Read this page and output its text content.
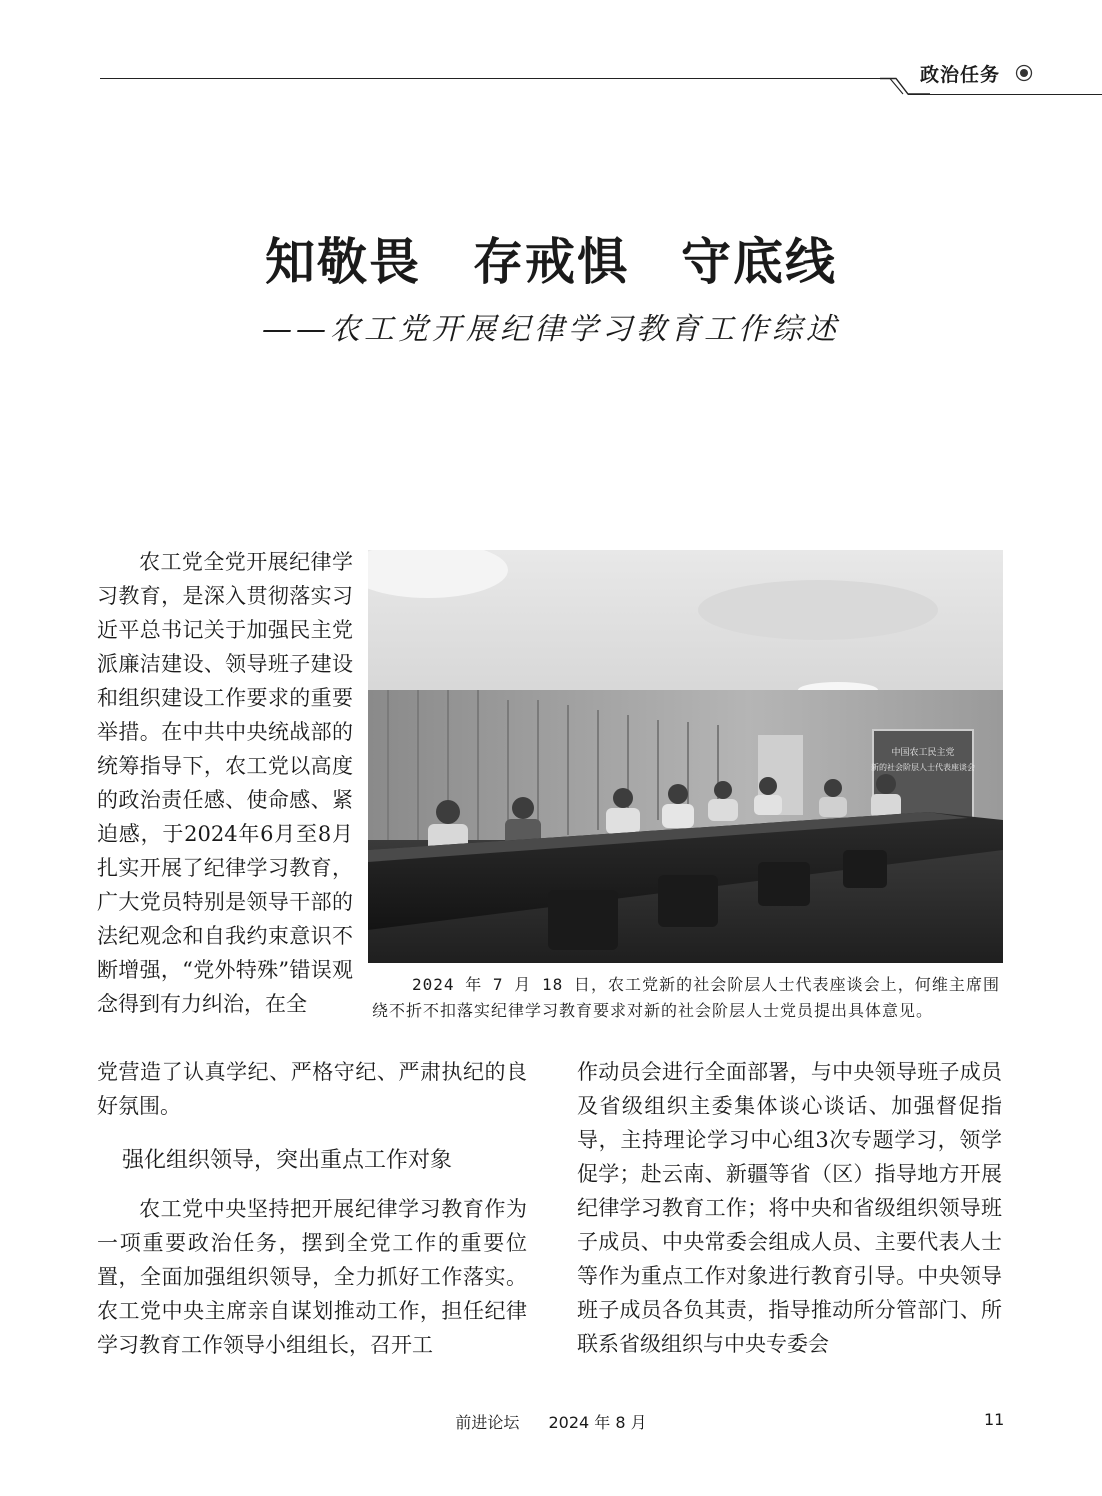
政治任务
知敬畏　存戒惧　守底线
——农工党开展纪律学习教育工作综述

农工党全党开展纪律学习教育，是深入贯彻落实习近平总书记关于加强民主党派廉洁建设、领导班子建设和组织建设工作要求的重要举措。在中共中央统战部的统筹指导下，农工党以高度的政治责任感、使命感、紧迫感，于2024年6月至8月扎实开展了纪律学习教育，广大党员特别是领导干部的法纪观念和自我约束意识不断增强，“党外特殊”错误观念得到有力纠治，在全

中国农工民主党
新的社会阶层人士代表座谈会
2024 年 7 月 18 日，农工党新的社会阶层人士代表座谈会上，何维主席围绕不折不扣落实纪律学习教育要求对新的社会阶层人士党员提出具体意见。

党营造了认真学纪、严格守纪、严肃执纪的良好氛围。

强化组织领导，突出重点工作对象

农工党中央坚持把开展纪律学习教育作为一项重要政治任务，摆到全党工作的重要位置，全面加强组织领导，全力抓好工作落实。农工党中央主席亲自谋划推动工作，担任纪律学习教育工作领导小组组长，召开工

作动员会进行全面部署，与中央领导班子成员及省级组织主委集体谈心谈话、加强督促指导，主持理论学习中心组3次专题学习，领学促学；赴云南、新疆等省（区）指导地方开展纪律学习教育工作；将中央和省级组织领导班子成员、中央常委会组成人员、主要代表人士等作为重点工作对象进行教育引导。中央领导班子成员各负其责，指导推动所分管部门、所联系省级组织与中央专委会

前进论坛 2024 年 8 月	11
